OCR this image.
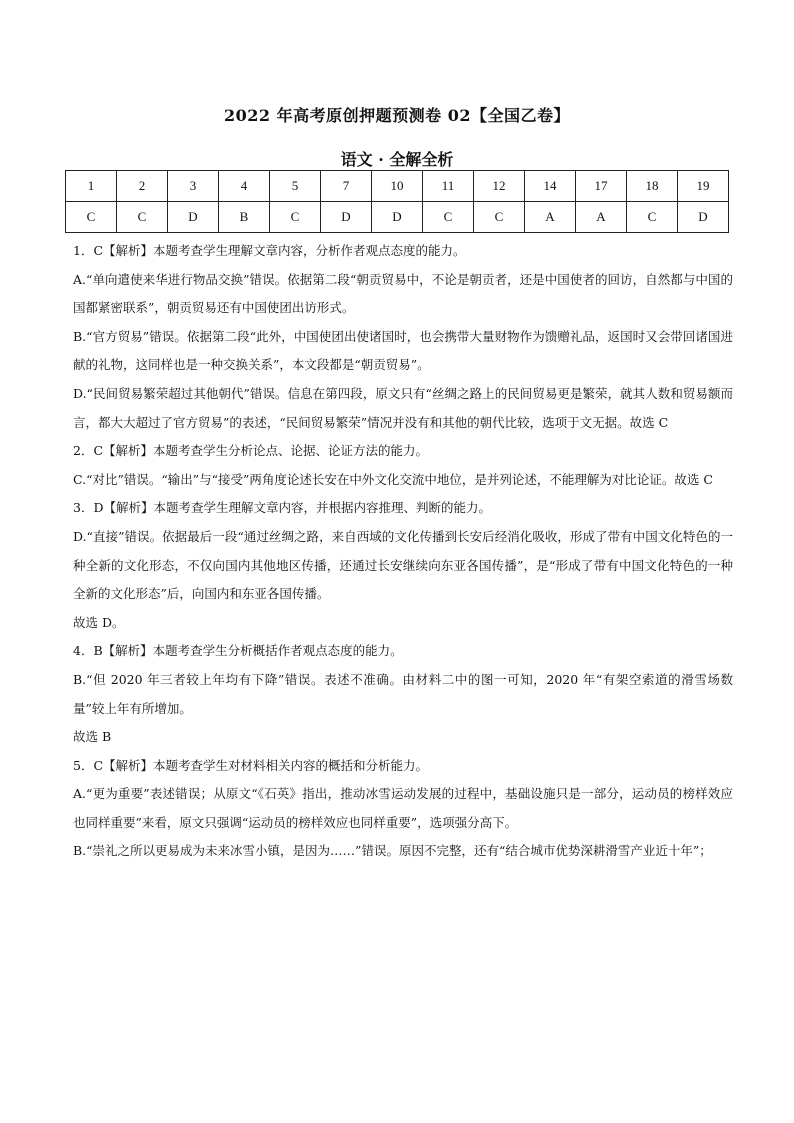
2022 年高考原创押题预测卷 02【全国乙卷】
语文 · 全解全析
1	2	3	4	5	7	10	11	12	14	17	18	19
C	C	D	B	C	D	D	C	C	A	A	C	D

1．C【解析】本题考查学生理解文章内容，分析作者观点态度的能力。

A.“单向遣使来华进行物品交换”错误。依据第二段“朝贡贸易中，不论是朝贡者，还是中国使者的回访，自然都与中国的国都紧密联系”，朝贡贸易还有中国使团出访形式。

B.“官方贸易”错误。依据第二段“此外，中国使团出使诸国时，也会携带大量财物作为馈赠礼品，返国时又会带回诸国进献的礼物，这同样也是一种交换关系”，本文段都是“朝贡贸易”。

D.“民间贸易繁荣超过其他朝代”错误。信息在第四段，原文只有“丝绸之路上的民间贸易更是繁荣，就其人数和贸易额而言，都大大超过了官方贸易”的表述，“民间贸易繁荣”情况并没有和其他的朝代比较，选项于文无据。故选 C

2．C【解析】本题考查学生分析论点、论据、论证方法的能力。

C.“对比”错误。“输出”与“接受”两角度论述长安在中外文化交流中地位，是并列论述，不能理解为对比论证。故选 C

3．D【解析】本题考查学生理解文章内容，并根据内容推理、判断的能力。

D.“直接”错误。依据最后一段“通过丝绸之路，来自西域的文化传播到长安后经消化吸收，形成了带有中国文化特色的一种全新的文化形态，不仅向国内其他地区传播，还通过长安继续向东亚各国传播”，是“形成了带有中国文化特色的一种全新的文化形态”后，向国内和东亚各国传播。

故选 D。

4．B【解析】本题考查学生分析概括作者观点态度的能力。

B.“但 2020 年三者较上年均有下降”错误。表述不准确。由材料二中的图一可知，2020 年“有架空索道的滑雪场数量”较上年有所增加。

故选 B

5．C【解析】本题考查学生对材料相关内容的概括和分析能力。

A.“更为重要”表述错误；从原文“《石英》指出，推动冰雪运动发展的过程中，基础设施只是一部分，运动员的榜样效应也同样重要”来看，原文只强调“运动员的榜样效应也同样重要”，选项强分高下。

B.“崇礼之所以更易成为未来冰雪小镇，是因为……”错误。原因不完整，还有“结合城市优势深耕滑雪产业近十年”；
